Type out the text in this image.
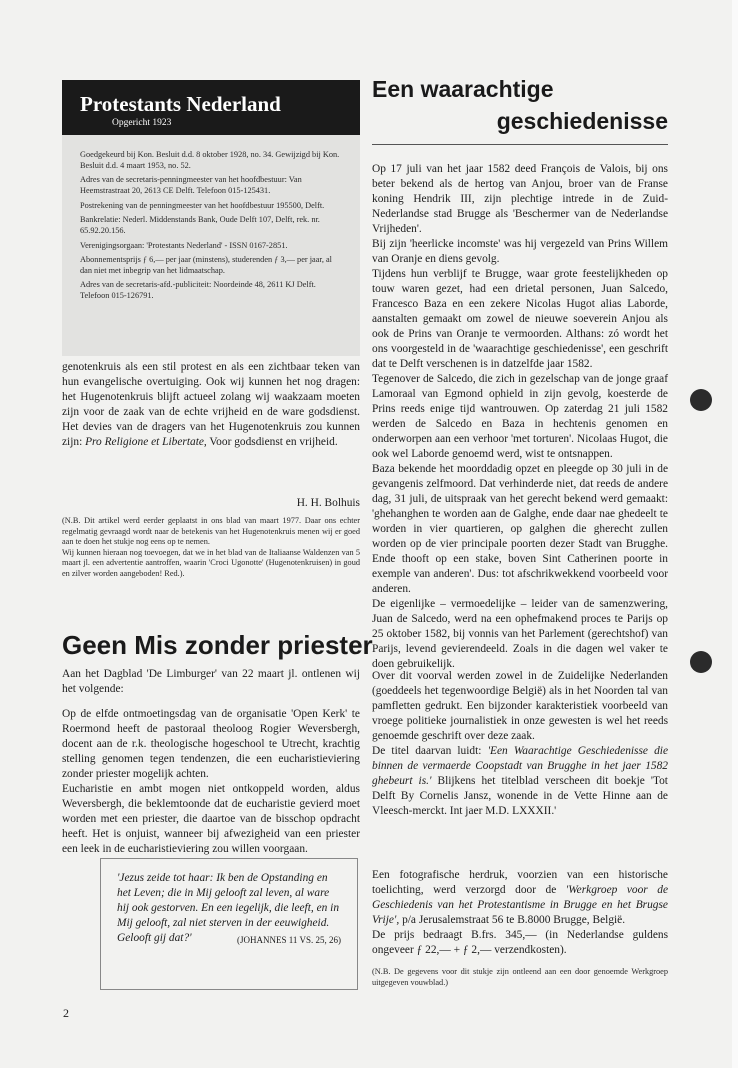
Protestants Nederland
Opgericht 1923

Goedgekeurd bij Kon. Besluit d.d. 8 oktober 1928, no. 34. Gewijzigd bij Kon. Besluit d.d. 4 maart 1953, no. 52.

Adres van de secretaris-penningmeester van het hoofdbestuur: Van Heemstrastraat 20, 2613 CE Delft. Telefoon 015-125431.

Postrekening van de penningmeester van het hoofdbestuur 195500, Delft.

Bankrelatie: Nederl. Middenstands Bank, Oude Delft 107, Delft, rek. nr. 65.92.20.156.

Verenigingsorgaan: 'Protestants Nederland' - ISSN 0167-2851.

Abonnementsprijs ƒ 6,— per jaar (minstens), studerenden ƒ 3,— per jaar, al dan niet met inbegrip van het lidmaatschap.

Adres van de secretaris-afd.-publiciteit: Noordeinde 48, 2611 KJ Delft. Telefoon 015-126791.

genotenkruis als een stil protest en als een zichtbaar teken van hun evangelische overtuiging. Ook wij kunnen het nog dragen: het Hugenotenkruis blijft actueel zolang wij waakzaam moeten zijn voor de zaak van de echte vrijheid en de ware godsdienst. Het devies van de dragers van het Hugenotenkruis zou kunnen zijn: Pro Religione et Libertate, Voor godsdienst en vrijheid.

H. H. Bolhuis

(N.B. Dit artikel werd eerder geplaatst in ons blad van maart 1977. Daar ons echter regelmatig gevraagd wordt naar de betekenis van het Hugenotenkruis menen wij er goed aan te doen het stukje nog eens op te nemen.

Wij kunnen hieraan nog toevoegen, dat we in het blad van de Italiaanse Waldenzen van 5 maart jl. een advertentie aantroffen, waarin 'Croci Ugonotte' (Hugenotenkruisen) in goud en zilver worden aangeboden! Red.).

Geen Mis zonder priester

Aan het Dagblad 'De Limburger' van 22 maart jl. ontlenen wij het volgende:

Op de elfde ontmoetingsdag van de organisatie 'Open Kerk' te Roermond heeft de pastoraal theoloog Rogier Weversbergh, docent aan de r.k. theologische hogeschool te Utrecht, krachtig stelling genomen tegen tendenzen, die een eucharistieviering zonder priester mogelijk achten.

Eucharistie en ambt mogen niet ontkoppeld worden, aldus Weversbergh, die beklemtoonde dat de eucharistie gevierd moet worden met een priester, die daartoe van de bisschop opdracht heeft. Het is onjuist, wanneer bij afwezigheid van een priester een leek in de eucharistieviering zou willen voorgaan.

'Jezus zeide tot haar: Ik ben de Opstanding en het Leven; die in Mij gelooft zal leven, al ware hij ook gestorven. En een iegelijk, die leeft, en in Mij gelooft, zal niet sterven in der eeuwigheid.

Gelooft gij dat?'	(JOHANNES 11 VS. 25, 26)

2
Een waarachtige
geschiedenisse

Op 17 juli van het jaar 1582 deed François de Valois, bij ons beter bekend als de hertog van Anjou, broer van de Franse koning Hendrik III, zijn plechtige intrede in de Zuid-Nederlandse stad Brugge als 'Beschermer van de Nederlandse Vrijheden'.

Bij zijn 'heerlicke incomste' was hij vergezeld van Prins Willem van Oranje en diens gevolg.

Tijdens hun verblijf te Brugge, waar grote feestelijkheden op touw waren gezet, had een drietal personen, Juan Salcedo, Francesco Baza en een zekere Nicolas Hugot alias Laborde, aanstalten gemaakt om zowel de nieuwe soeverein Anjou als ook de Prins van Oranje te vermoorden. Althans: zó wordt het ons voorgesteld in de 'waarachtige geschiedenisse', een geschrift dat te Delft verschenen is in datzelfde jaar 1582.

Tegenover de Salcedo, die zich in gezelschap van de jonge graaf Lamoraal van Egmond ophield in zijn gevolg, koesterde de Prins reeds enige tijd wantrouwen. Op zaterdag 21 juli 1582 werden de Salcedo en Baza in hechtenis genomen en onderworpen aan een verhoor 'met torturen'. Nicolaas Hugot, die ook wel Laborde genoemd werd, wist te ontsnappen.

Baza bekende het moorddadig opzet en pleegde op 30 juli in de gevangenis zelfmoord. Dat verhinderde niet, dat reeds de andere dag, 31 juli, de uitspraak van het gerecht bekend werd gemaakt: 'ghehanghen te worden aan de Galghe, ende daar nae ghedeelt te worden in vier quartieren, op galghen die gherecht zullen worden op de vier principale poorten dezer Stadt van Brugghe. Ende thooft op een stake, boven Sint Catherinen poorte in exemple van anderen'. Dus: tot afschrikwekkend voorbeeld voor anderen.

De eigenlijke – vermoedelijke – leider van de samenzwering, Juan de Salcedo, werd na een ophefmakend proces te Parijs op 25 oktober 1582, bij vonnis van het Parlement (gerechtshof) van Parijs, levend gevierendeeld. Zoals in die dagen wel vaker te doen gebruikelijk.

Over dit voorval werden zowel in de Zuidelijke Nederlanden (goeddeels het tegenwoordige België) als in het Noorden tal van pamfletten gedrukt. Een bijzonder karakteristiek voorbeeld van vroege politieke journalistiek in onze gewesten is wel het reeds genoemde geschrift over deze zaak.

De titel daarvan luidt: 'Een Waarachtige Geschiedenisse die binnen de vermaerde Coopstadt van Brugghe in het jaer 1582 ghebeurt is.' Blijkens het titelblad verscheen dit boekje 'Tot Delft By Cornelis Jansz, wonende in de Vette Hinne aan de Vleesch-merckt. Int jaer M.D. LXXXII.'

Een fotografische herdruk, voorzien van een historische toelichting, werd verzorgd door de 'Werkgroep voor de Geschiedenis van het Protestantisme in Brugge en het Brugse Vrije', p/a Jerusalemstraat 56 te B.8000 Brugge, België.

De prijs bedraagt B.frs. 345,— (in Nederlandse guldens ongeveer ƒ 22,— + ƒ 2,— verzendkosten).

(N.B. De gegevens voor dit stukje zijn ontleend aan een door genoemde Werkgroep uitgegeven vouwblad.)
